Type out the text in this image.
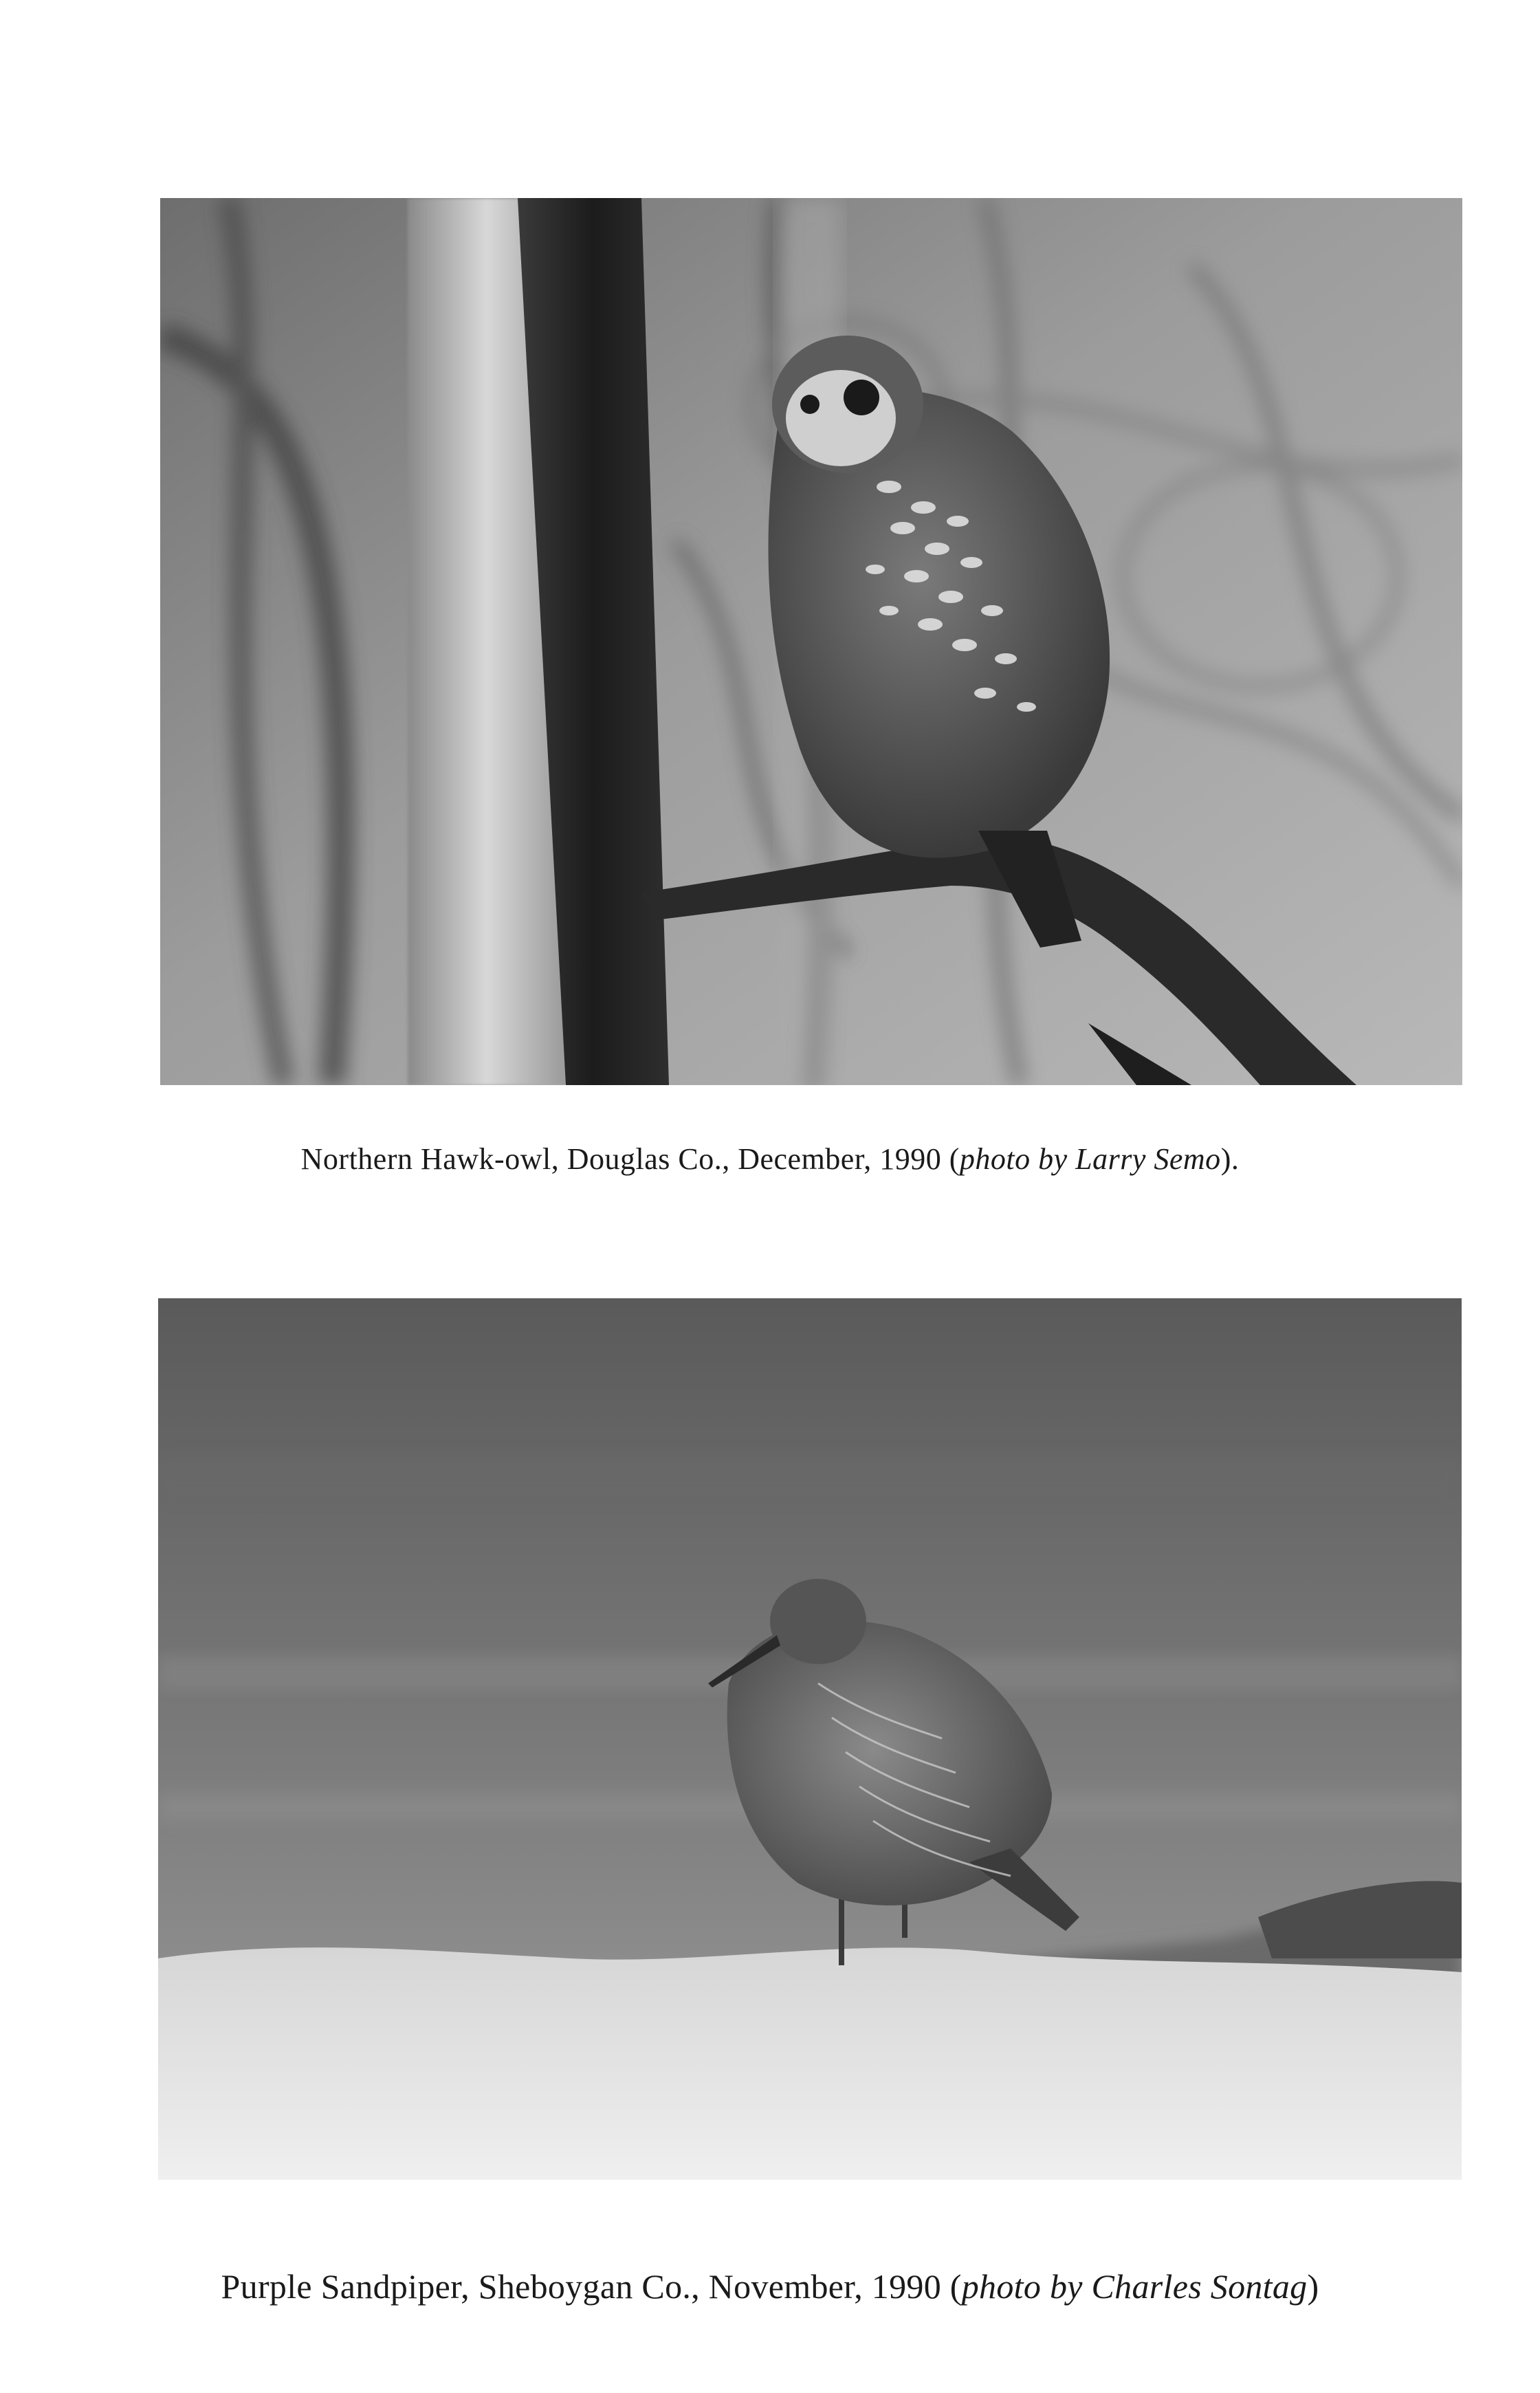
Northern Hawk-owl, Douglas Co., December, 1990 (photo by Larry Semo).
Purple Sandpiper, Sheboygan Co., November, 1990 (photo by Charles Sontag)
